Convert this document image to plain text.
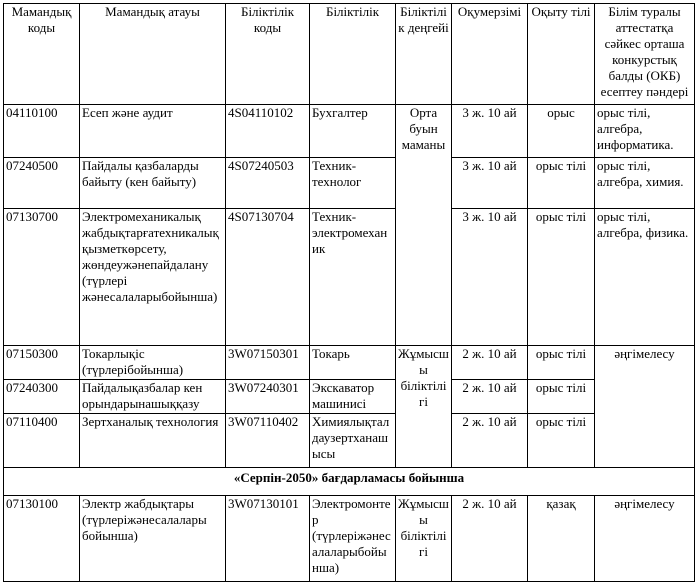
Мамандық коды	Мамандық атауы	Біліктілік коды	Біліктілік	Біліктілік деңгейі	Оқумерзімі	Оқыту тілі	Білім туралы аттестатқа сәйкес орташа конкурстық балды (ОКБ) есептеу пәндері
04110100	Есеп және аудит	4S04110102	Бухгалтер	Орта буын маманы	3 ж. 10 ай	орыс	орыс тілі, алгебра, информатика.
07240500	Пайдалы қазбаларды байыту (кен байыту)	4S07240503	Техник-технолог		3 ж. 10 ай	орыс тілі	орыс тілі, алгебра, химия.
07130700	Электромеханикалық жабдықтарғатехникалық қызметкөрсету, жөндеужәнепайдалану (түрлері жәнесалаларыбойынша)	4S07130704	Техник-электромеханик		3 ж. 10 ай	орыс тілі	орыс тілі, алгебра, физика.
07150300	Токарлықіс (түрлерібойынша)	3W07150301	Токарь	Жұмысшы біліктілігі	2 ж. 10 ай	орыс тілі	әңгімелесу
07240300	Пайдалықазбалар кен орындарынашыққазу	3W07240301	Экскаватор машинисі		2 ж. 10 ай	орыс тілі	
07110400	Зертханалық технология	3W07110402	Химиялықталдаузертханашысы		2 ж. 10 ай	орыс тілі	
«Серпін-2050» бағдарламасы бойынша							
07130100	Электр жабдықтары (түрлеріжәнесалалары бойынша)	3W07130101	Электромонтер (түрлеріжәнесалаларыбойынша)	Жұмысшы біліктілігі	2 ж. 10 ай	қазақ	әңгімелесу
